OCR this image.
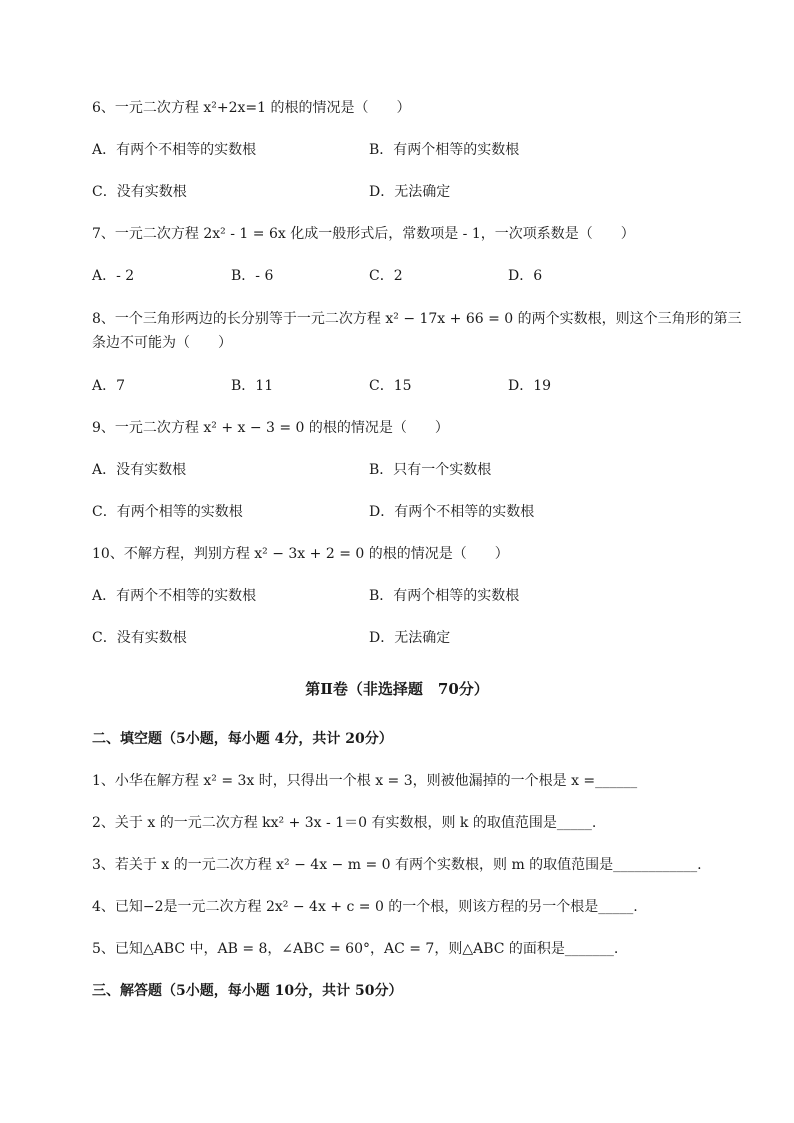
6、一元二次方程 x²+2x=1 的根的情况是（　　）
A．有两个不相等的实数根	B．有两个相等的实数根
C．没有实数根	D．无法确定
7、一元二次方程 2x² - 1 = 6x 化成一般形式后，常数项是 - 1，一次项系数是（　　）
A．- 2	B．- 6	C．2	D．6
8、一个三角形两边的长分别等于一元二次方程 x² − 17x + 66 = 0 的两个实数根，则这个三角形的第三
条边不可能为（　　）
A．7	B．11	C．15	D．19
9、一元二次方程 x² + x − 3 = 0 的根的情况是（　　）
A．没有实数根	B．只有一个实数根
C．有两个相等的实数根	D．有两个不相等的实数根
10、不解方程，判别方程 x² − 3x + 2 = 0 的根的情况是（　　）
A．有两个不相等的实数根	B．有两个相等的实数根
C．没有实数根	D．无法确定
第Ⅱ卷（非选择题　70分）
二、填空题（5小题，每小题 4分，共计 20分）
1、小华在解方程 x² = 3x 时，只得出一个根 x = 3，则被他漏掉的一个根是 x =______
2、关于 x 的一元二次方程 kx² + 3x - 1＝0 有实数根，则 k 的取值范围是_____.
3、若关于 x 的一元二次方程 x² − 4x − m = 0 有两个实数根，则 m 的取值范围是____________.
4、已知−2是一元二次方程 2x² − 4x + c = 0 的一个根，则该方程的另一个根是_____.
5、已知△ABC 中，AB = 8，∠ABC = 60°，AC = 7，则△ABC 的面积是_______.
三、解答题（5小题，每小题 10分，共计 50分）
